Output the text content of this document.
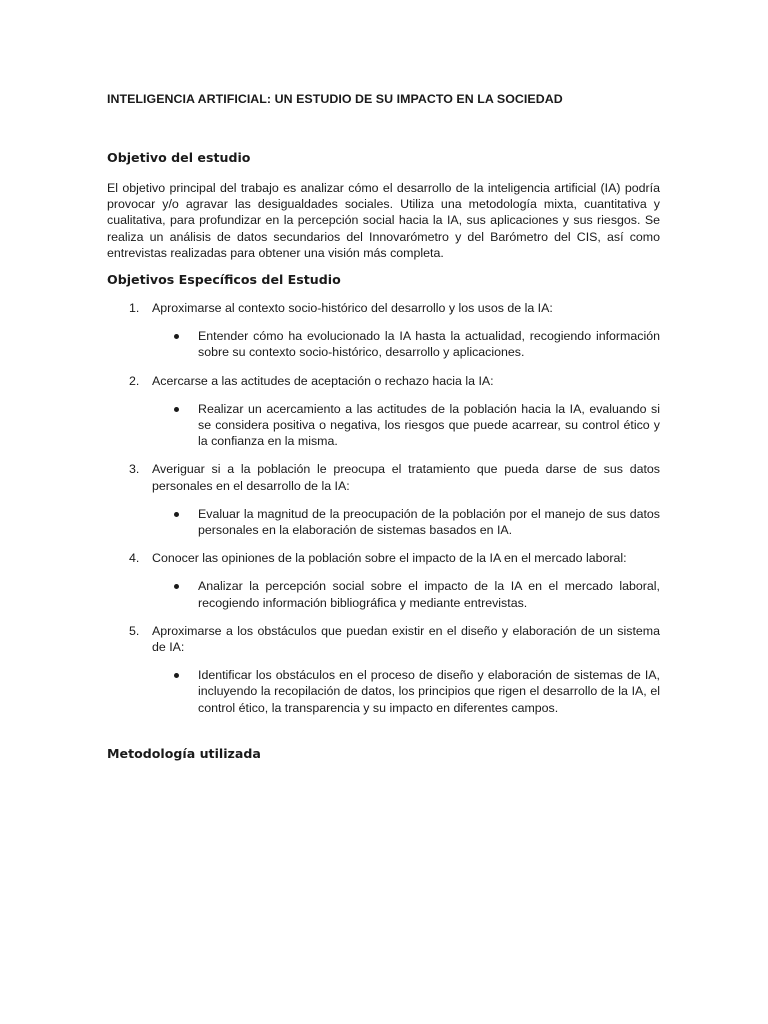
INTELIGENCIA ARTIFICIAL: UN ESTUDIO DE SU IMPACTO EN LA SOCIEDAD
Objetivo del estudio

El objetivo principal del trabajo es analizar cómo el desarrollo de la inteligencia artificial (IA) podría provocar y/o agravar las desigualdades sociales. Utiliza una metodología mixta, cuantitativa y cualitativa, para profundizar en la percepción social hacia la IA, sus aplicaciones y sus riesgos. Se realiza un análisis de datos secundarios del Innovarómetro y del Barómetro del CIS, así como entrevistas realizadas para obtener una visión más completa.

Objetivos Específicos del Estudio
1. Aproximarse al contexto socio-histórico del desarrollo y los usos de la IA:
Entender cómo ha evolucionado la IA hasta la actualidad, recogiendo información sobre su contexto socio-histórico, desarrollo y aplicaciones.
2. Acercarse a las actitudes de aceptación o rechazo hacia la IA:
Realizar un acercamiento a las actitudes de la población hacia la IA, evaluando si se considera positiva o negativa, los riesgos que puede acarrear, su control ético y la confianza en la misma.
3. Averiguar si a la población le preocupa el tratamiento que pueda darse de sus datos personales en el desarrollo de la IA:
Evaluar la magnitud de la preocupación de la población por el manejo de sus datos personales en la elaboración de sistemas basados en IA.
4. Conocer las opiniones de la población sobre el impacto de la IA en el mercado laboral:
Analizar la percepción social sobre el impacto de la IA en el mercado laboral, recogiendo información bibliográfica y mediante entrevistas.
5. Aproximarse a los obstáculos que puedan existir en el diseño y elaboración de un sistema de IA:
Identificar los obstáculos en el proceso de diseño y elaboración de sistemas de IA, incluyendo la recopilación de datos, los principios que rigen el desarrollo de la IA, el control ético, la transparencia y su impacto en diferentes campos.
Metodología utilizada
